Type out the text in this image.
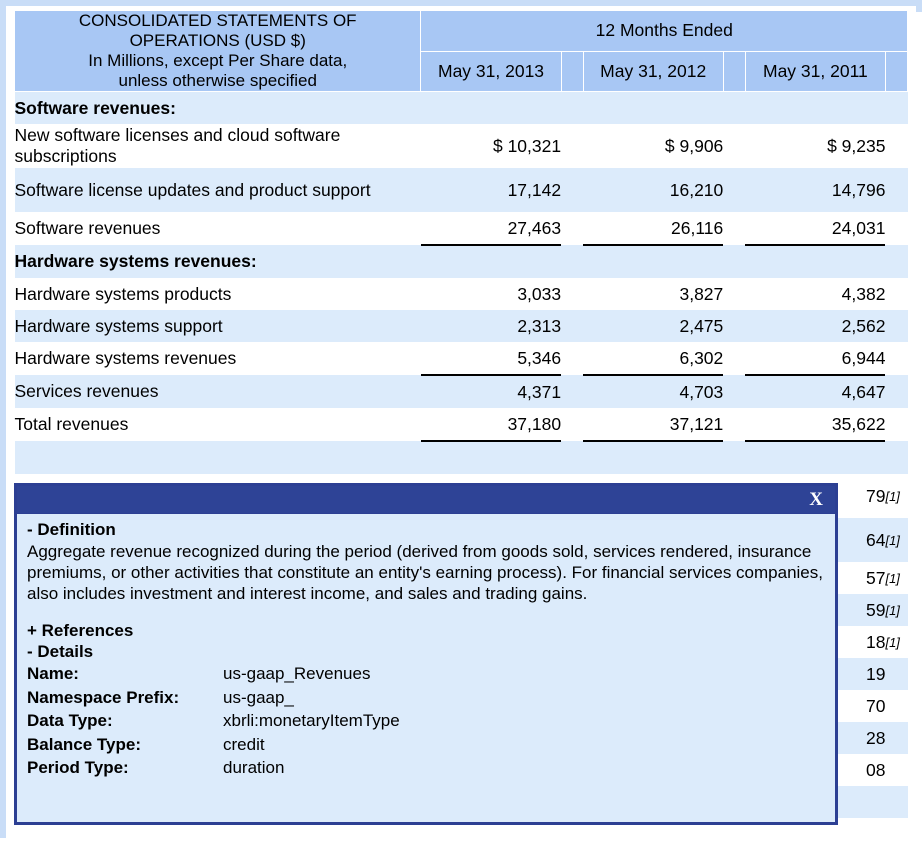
CONSOLIDATED STATEMENTS OF
OPERATIONS (USD $)
In Millions, except Per Share data,
unless otherwise specified	12 Months Ended					
	May 31, 2013		May 31, 2012		May 31, 2011	
Software revenues:						
New software licenses and cloud software subscriptions	$ 10,321		$ 9,906		$ 9,235	
Software license updates and product support	17,142		16,210		14,796	
Software revenues	27,463		26,116		24,031	
Hardware systems revenues:						
Hardware systems products	3,033		3,827		4,382	
Hardware systems support	2,313		2,475		2,562	
Hardware systems revenues	5,346		6,302		6,944	
Services revenues	4,371		4,703		4,647	
Total revenues	37,180		37,121		35,622	

					79	[1]
					64	[1]
					57	[1]
					59	[1]
					18	[1]
					19	
					70	
					28	
					08	

X
- Definition
Aggregate revenue recognized during the period (derived from goods sold, services rendered, insurance premiums, or other activities that constitute an entity's earning process). For financial services companies, also includes investment and interest income, and sales and trading gains.
+ References
- Details
Name:	us-gaap_Revenues
Namespace Prefix:	us-gaap_
Data Type:	xbrli:monetaryItemType
Balance Type:	credit
Period Type:	duration
